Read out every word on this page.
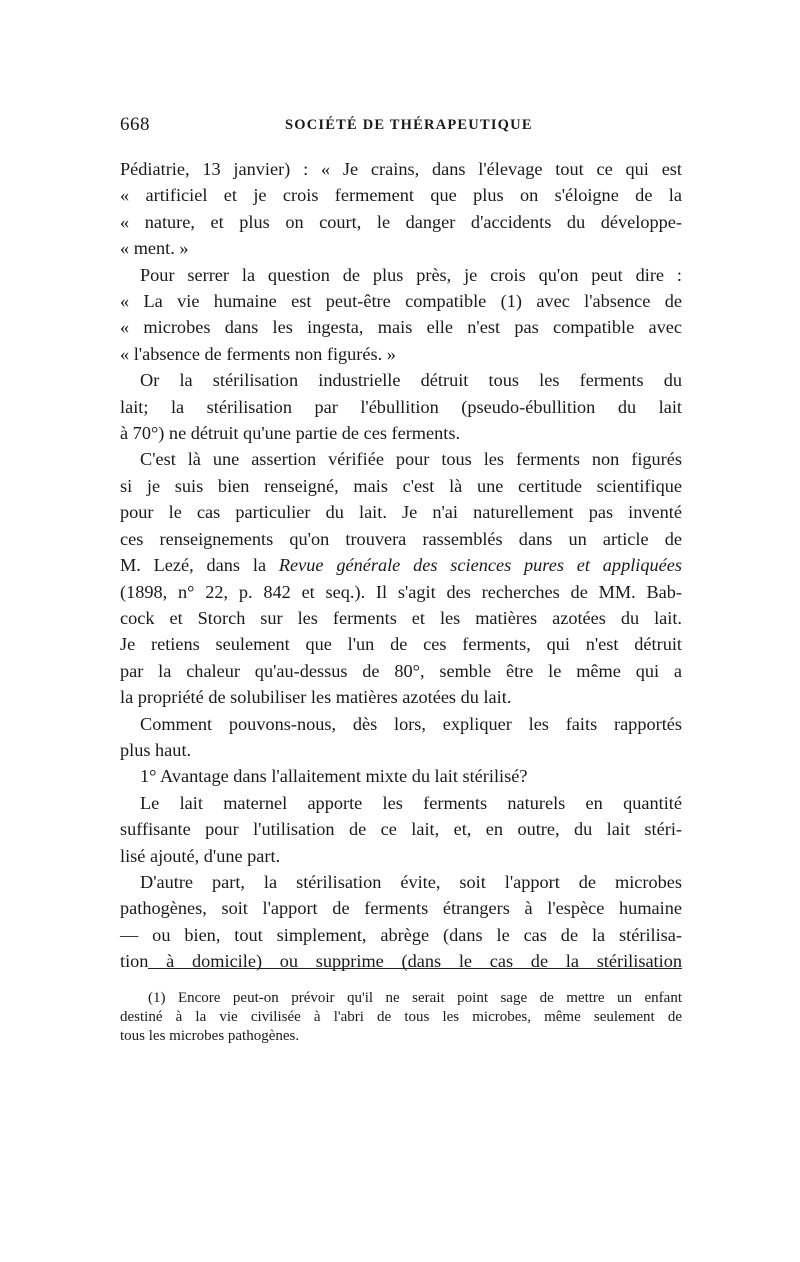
668	SOCIÉTÉ DE THÉRAPEUTIQUE
Pédiatrie, 13 janvier) : « Je crains, dans l'élevage tout ce qui est
« artificiel et je crois fermement que plus on s'éloigne de la
« nature, et plus on court, le danger d'accidents du développe-
« ment. »
Pour serrer la question de plus près, je crois qu'on peut dire :
« La vie humaine est peut-être compatible (1) avec l'absence de
« microbes dans les ingesta, mais elle n'est pas compatible avec
« l'absence de ferments non figurés. »
Or la stérilisation industrielle détruit tous les ferments du
lait; la stérilisation par l'ébullition (pseudo-ébullition du lait
à 70°) ne détruit qu'une partie de ces ferments.
C'est là une assertion vérifiée pour tous les ferments non figurés
si je suis bien renseigné, mais c'est là une certitude scientifique
pour le cas particulier du lait. Je n'ai naturellement pas inventé
ces renseignements qu'on trouvera rassemblés dans un article de
M. Lezé, dans la Revue générale des sciences pures et appliquées
(1898, n° 22, p. 842 et seq.). Il s'agit des recherches de MM. Bab-
cock et Storch sur les ferments et les matières azotées du lait.
Je retiens seulement que l'un de ces ferments, qui n'est détruit
par la chaleur qu'au-dessus de 80°, semble être le même qui a
la propriété de solubiliser les matières azotées du lait.
Comment pouvons-nous, dès lors, expliquer les faits rapportés
plus haut.
1° Avantage dans l'allaitement mixte du lait stérilisé?
Le lait maternel apporte les ferments naturels en quantité
suffisante pour l'utilisation de ce lait, et, en outre, du lait stéri-
lisé ajouté, d'une part.
D'autre part, la stérilisation évite, soit l'apport de microbes
pathogènes, soit l'apport de ferments étrangers à l'espèce humaine
— ou bien, tout simplement, abrège (dans le cas de la stérilisa-
tion à domicile) ou supprime (dans le cas de la stérilisation
(1) Encore peut-on prévoir qu'il ne serait point sage de mettre un enfant
destiné à la vie civilisée à l'abri de tous les microbes, même seulement de
tous les microbes pathogènes.
